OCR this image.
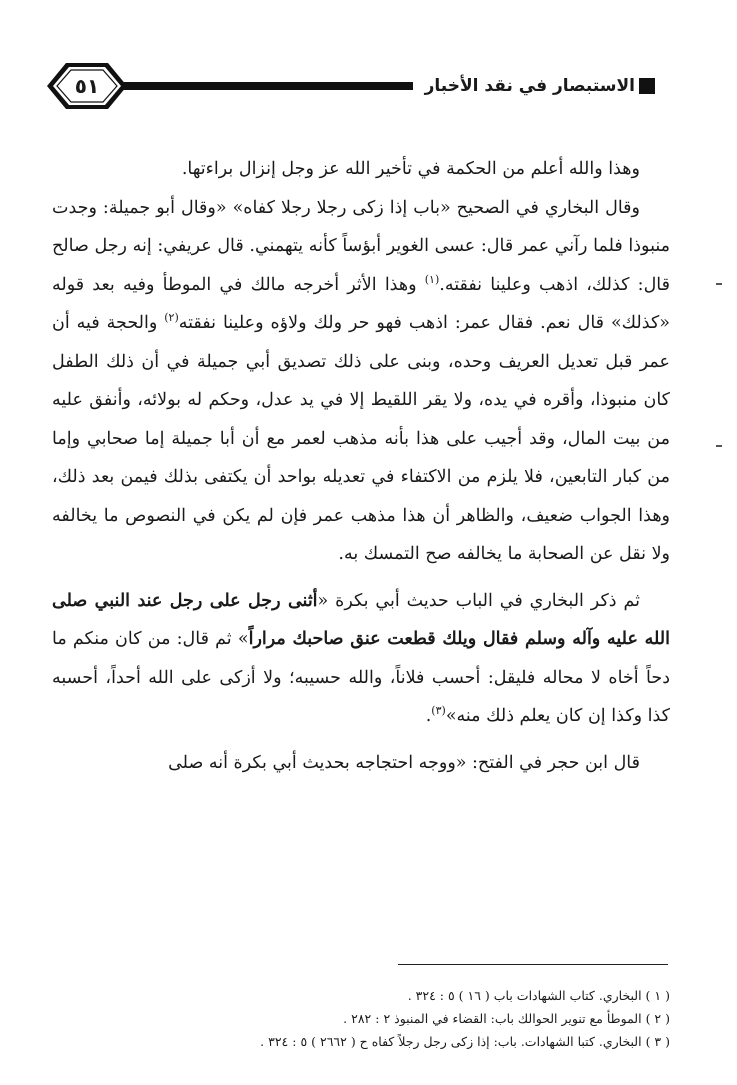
٥١	الاستبصار في نقد الأخبار

وهذا والله أعلم من الحكمة في تأخير الله عز وجل إنزال براءتها.

وقال البخاري في الصحيح «باب إذا زكى رجلا رجلا كفاه» «وقال أبو جميلة: وجدت منبوذا فلما رآني عمر قال: عسى الغوير أبؤساً كأنه يتهمني. قال عريفي: إنه رجل صالح قال: كذلك، اذهب وعلينا نفقته.$^{(١)}$ وهذا الأثر أخرجه مالك في الموطأ وفيه بعد قوله «كذلك» قال نعم. فقال عمر: اذهب فهو حر ولك ولاؤه وعلينا نفقته$^{(٢)}$ والحجة فيه أن عمر قبل تعديل العريف وحده، وبنى على ذلك تصديق أبي جميلة في أن ذلك الطفل كان منبوذا، وأقره في يده، ولا يقر اللقيط إلا في يد عدل، وحكم له بولائه، وأنفق عليه من بيت المال، وقد أجيب على هذا بأنه مذهب لعمر مع أن أبا جميلة إما صحابي وإما من كبار التابعين، فلا يلزم من الاكتفاء في تعديله بواحد أن يكتفى بذلك فيمن بعد ذلك، وهذا الجواب ضعيف، والظاهر أن هذا مذهب عمر فإن لم يكن في النصوص ما يخالفه ولا نقل عن الصحابة ما يخالفه صح التمسك به.

ثم ذكر البخاري في الباب حديث أبي بكرة «أثنى رجل على رجل عند النبي صلى الله عليه وآله وسلم فقال ويلك قطعت عنق صاحبك مراراً» ثم قال: من كان منكم ما دحاً أخاه لا محاله فليقل: أحسب فلاناً، والله حسيبه؛ ولا أزكى على الله أحداً، أحسبه كذا وكذا إن كان يعلم ذلك منه»$^{(٣)}$.

قال ابن حجر في الفتح: «ووجه احتجاجه بحديث أبي بكرة أنه صلى

( ١ ) البخاري. كتاب الشهادات باب ( ١٦ ) ٥ : ٣٢٤ .

( ٢ ) الموطأ مع تنوير الحوالك باب: القضاء في المنبوذ ٢ : ٢٨٢ .

( ٣ ) البخاري. كتبا الشهادات. باب: إذا زكى رجل رجلاً كفاه ح ( ٢٦٦٢ ) ٥ : ٣٢٤ .
